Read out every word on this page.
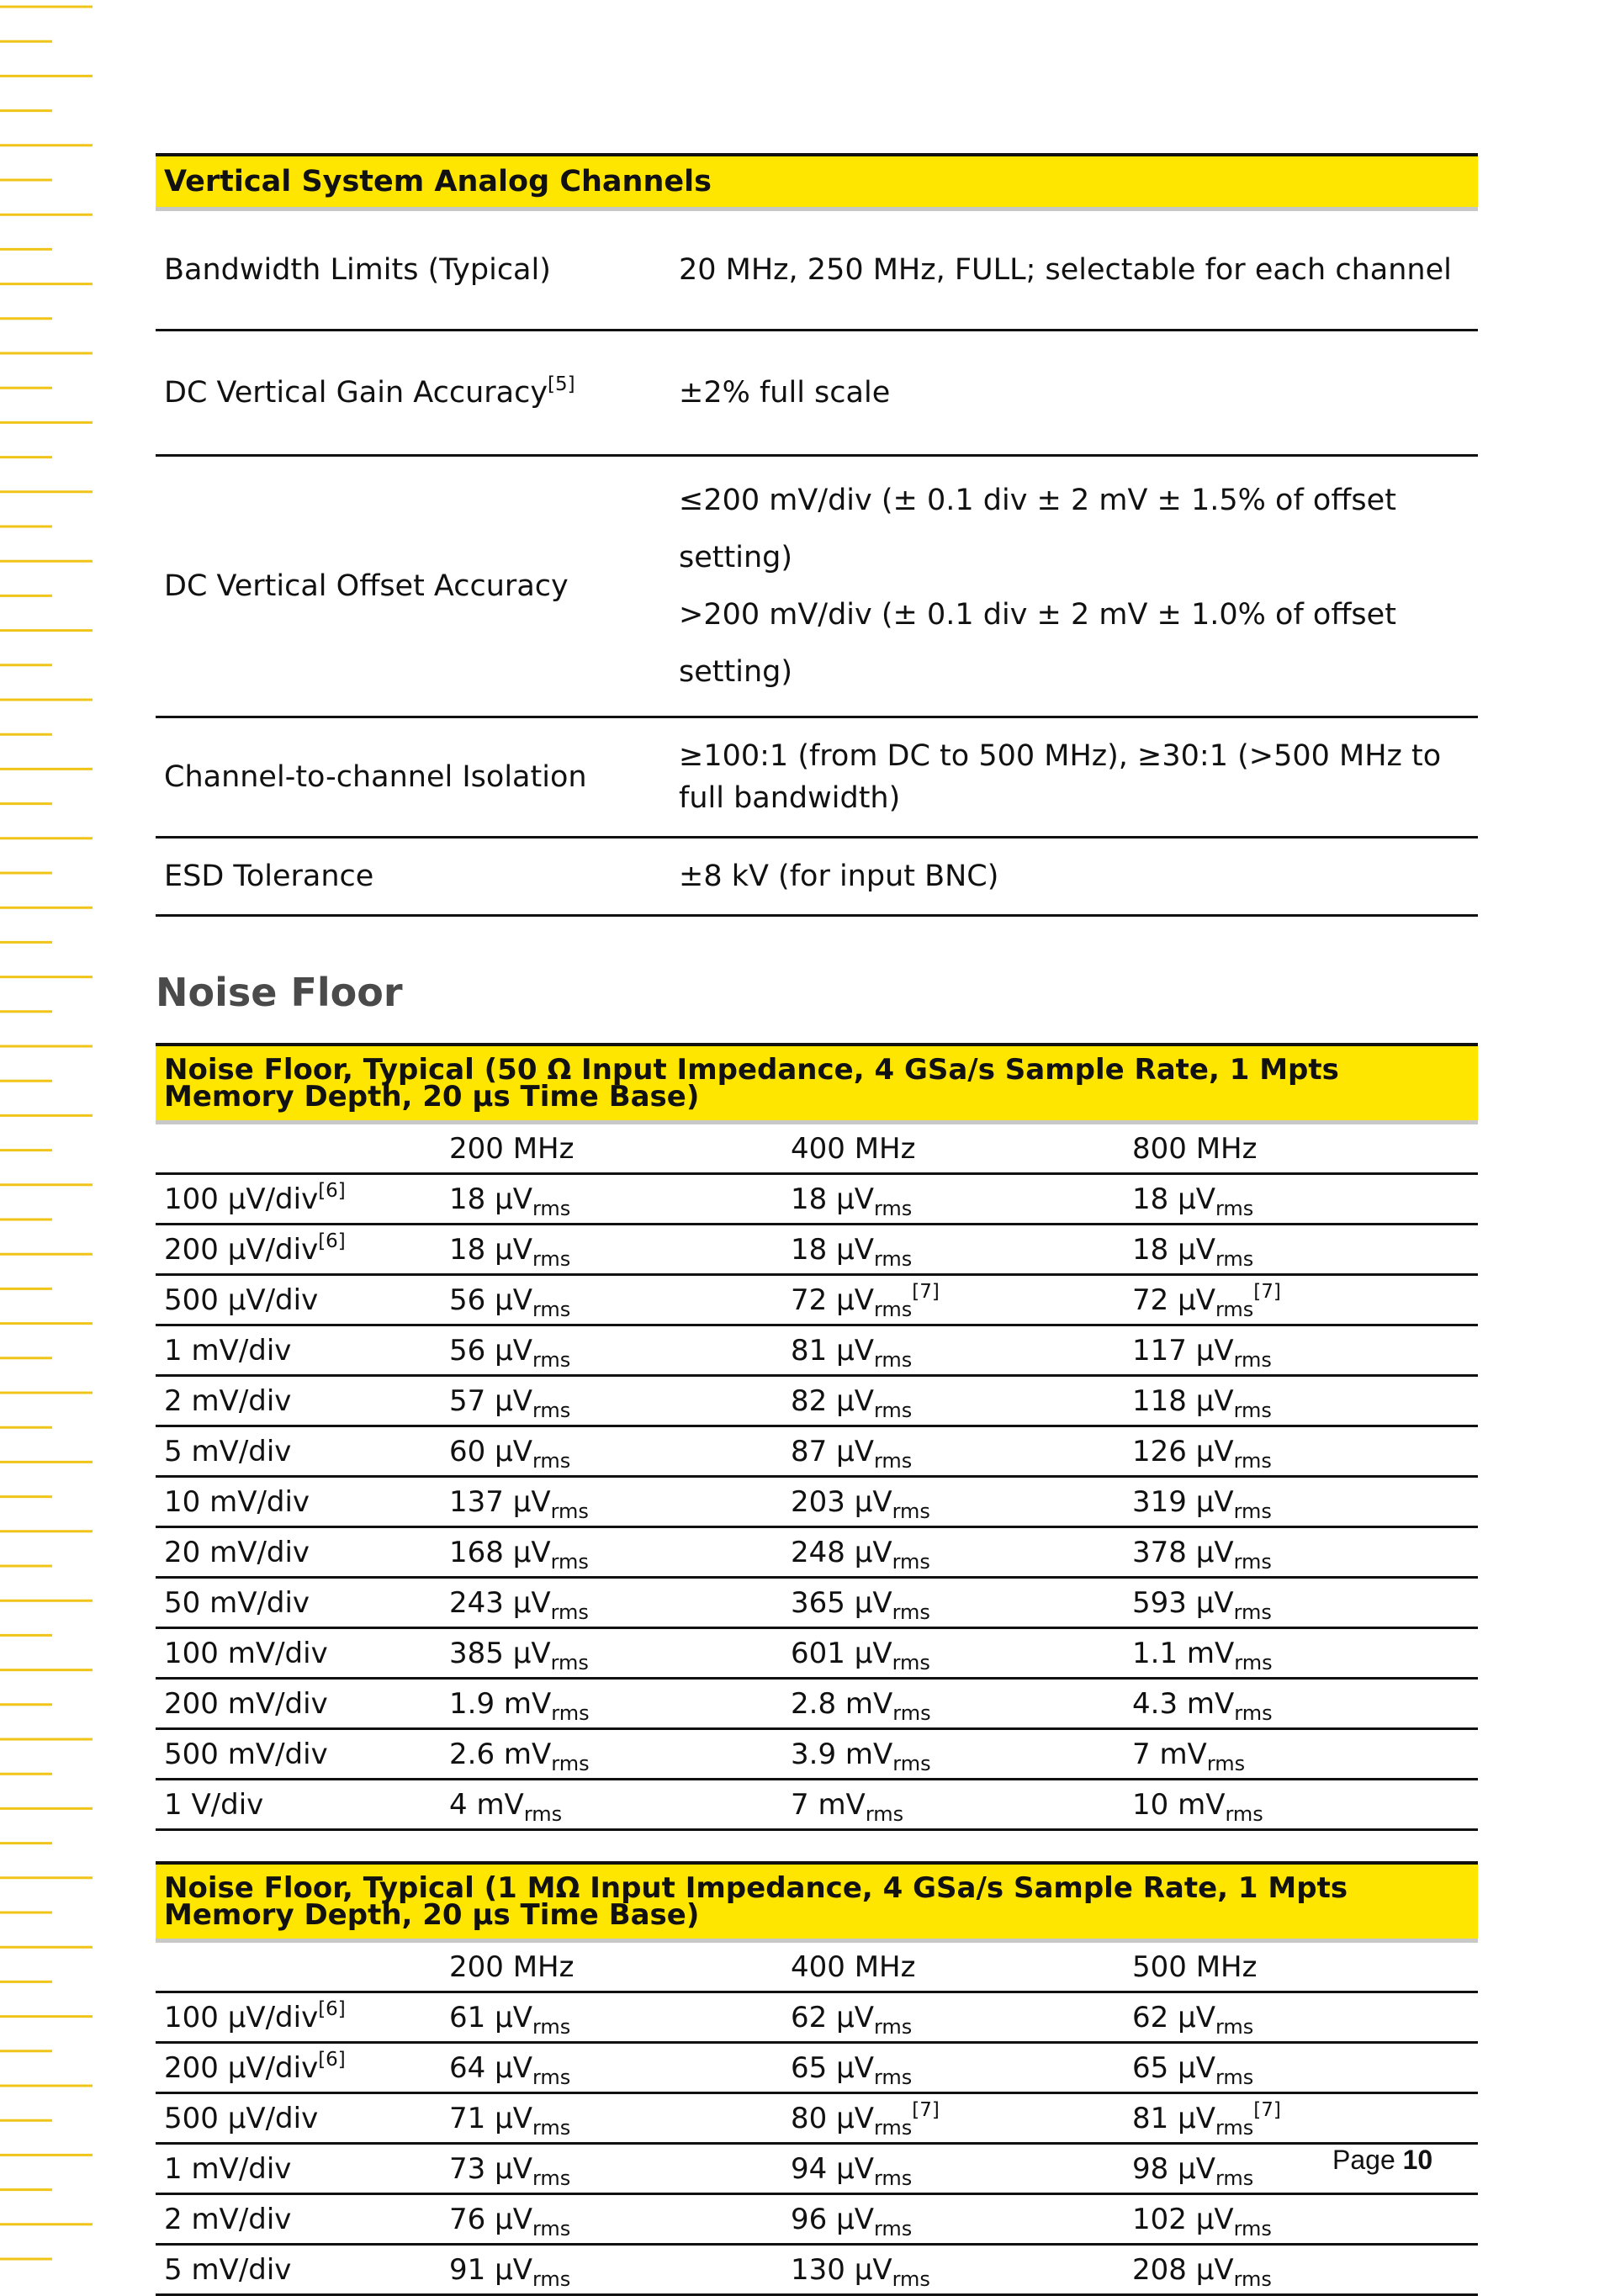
Vertical System Analog Channels	
Bandwidth Limits (Typical)	20 MHz, 250 MHz, FULL; selectable for each channel
DC Vertical Gain Accuracy[5]	±2% full scale
DC Vertical Offset Accuracy	≤200 mV/div (± 0.1 div ± 2 mV ± 1.5% of offset setting)
>200 mV/div (± 0.1 div ± 2 mV ± 1.0% of offset setting)

Channel-to-channel Isolation	≥100:1 (from DC to 500 MHz), ≥30:1 (>500 MHz to full bandwidth)
ESD Tolerance	±8 kV (for input BNC)
Noise Floor
Noise Floor, Typical (50 Ω Input Impedance, 4 GSa/s Sample Rate, 1 Mpts Memory Depth, 20 µs Time Base)			
	200 MHz	400 MHz	800 MHz
100 µV/div[6]	18 µV$_{rms}$	18 µV$_{rms}$	18 µV$_{rms}$
200 µV/div[6]	18 µV$_{rms}$	18 µV$_{rms}$	18 µV$_{rms}$
500 µV/div	56 µV$_{rms}$	72 µV$_{rms}$[7]	72 µV$_{rms}$[7]
1 mV/div	56 µV$_{rms}$	81 µV$_{rms}$	117 µV$_{rms}$
2 mV/div	57 µV$_{rms}$	82 µV$_{rms}$	118 µV$_{rms}$
5 mV/div	60 µV$_{rms}$	87 µV$_{rms}$	126 µV$_{rms}$
10 mV/div	137 µV$_{rms}$	203 µV$_{rms}$	319 µV$_{rms}$
20 mV/div	168 µV$_{rms}$	248 µV$_{rms}$	378 µV$_{rms}$
50 mV/div	243 µV$_{rms}$	365 µV$_{rms}$	593 µV$_{rms}$
100 mV/div	385 µV$_{rms}$	601 µV$_{rms}$	1.1 $mV_{rms}$
200 mV/div	1.9 $mV_{rms}$	2.8 $mV_{rms}$	4.3 $mV_{rms}$
500 mV/div	2.6 $mV_{rms}$	3.9 $mV_{rms}$	7 $mV_{rms}$
1 V/div	4 $mV_{rms}$	7 $mV_{rms}$	10 $mV_{rms}$
Noise Floor, Typical (1 MΩ Input Impedance, 4 GSa/s Sample Rate, 1 Mpts Memory Depth, 20 µs Time Base)			
	200 MHz	400 MHz	500 MHz
100 µV/div[6]	61 µV$_{rms}$	62 µV$_{rms}$	62 µV$_{rms}$
200 µV/div[6]	64 µV$_{rms}$	65 µV$_{rms}$	65 µV$_{rms}$
500 µV/div	71 µV$_{rms}$	80 µV$_{rms}$[7]	81 µV$_{rms}$[7]
1 mV/div	73 µV$_{rms}$	94 µV$_{rms}$	98 µV$_{rms}$
2 mV/div	76 µV$_{rms}$	96 µV$_{rms}$	102 µV$_{rms}$
5 mV/div	91 µV$_{rms}$	130 µV$_{rms}$	208 µV$_{rms}$
Page 10
